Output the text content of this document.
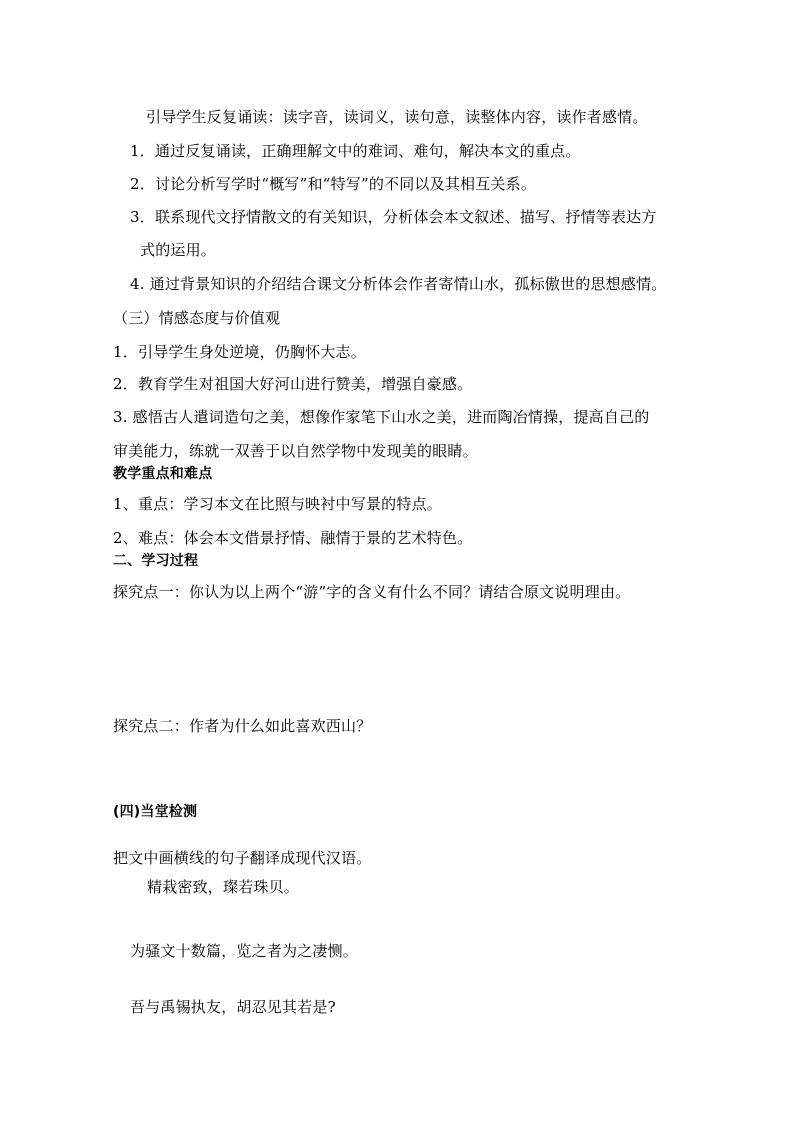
引导学生反复诵读：读字音，读词义，读句意，读整体内容，读作者感情。
1．通过反复诵读，正确理解文中的难词、难句，解决本文的重点。
2．讨论分析写学时“概写”和“特写”的不同以及其相互关系。
3．联系现代文抒情散文的有关知识，分析体会本文叙述、描写、抒情等表达方
式的运用。
4. 通过背景知识的介绍结合课文分析体会作者寄情山水，孤标傲世的思想感情。
（三）情感态度与价值观
1．引导学生身处逆境，仍胸怀大志。
2．教育学生对祖国大好河山进行赞美，增强自豪感。
3. 感悟古人遣词造句之美，想像作家笔下山水之美，进而陶冶情操，提高自己的
审美能力，练就一双善于以自然学物中发现美的眼睛。
教学重点和难点
1、重点：学习本文在比照与映衬中写景的特点。
2、难点：体会本文借景抒情、融情于景的艺术特色。
二、学习过程
探究点一：你认为以上两个“游”字的含义有什么不同？请结合原文说明理由。
探究点二：作者为什么如此喜欢西山？
(四)当堂检测
把文中画横线的句子翻译成现代汉语。
精栽密致，璨若珠贝。
为骚文十数篇，览之者为之凄恻。
吾与禹锡执友，胡忍见其若是?
